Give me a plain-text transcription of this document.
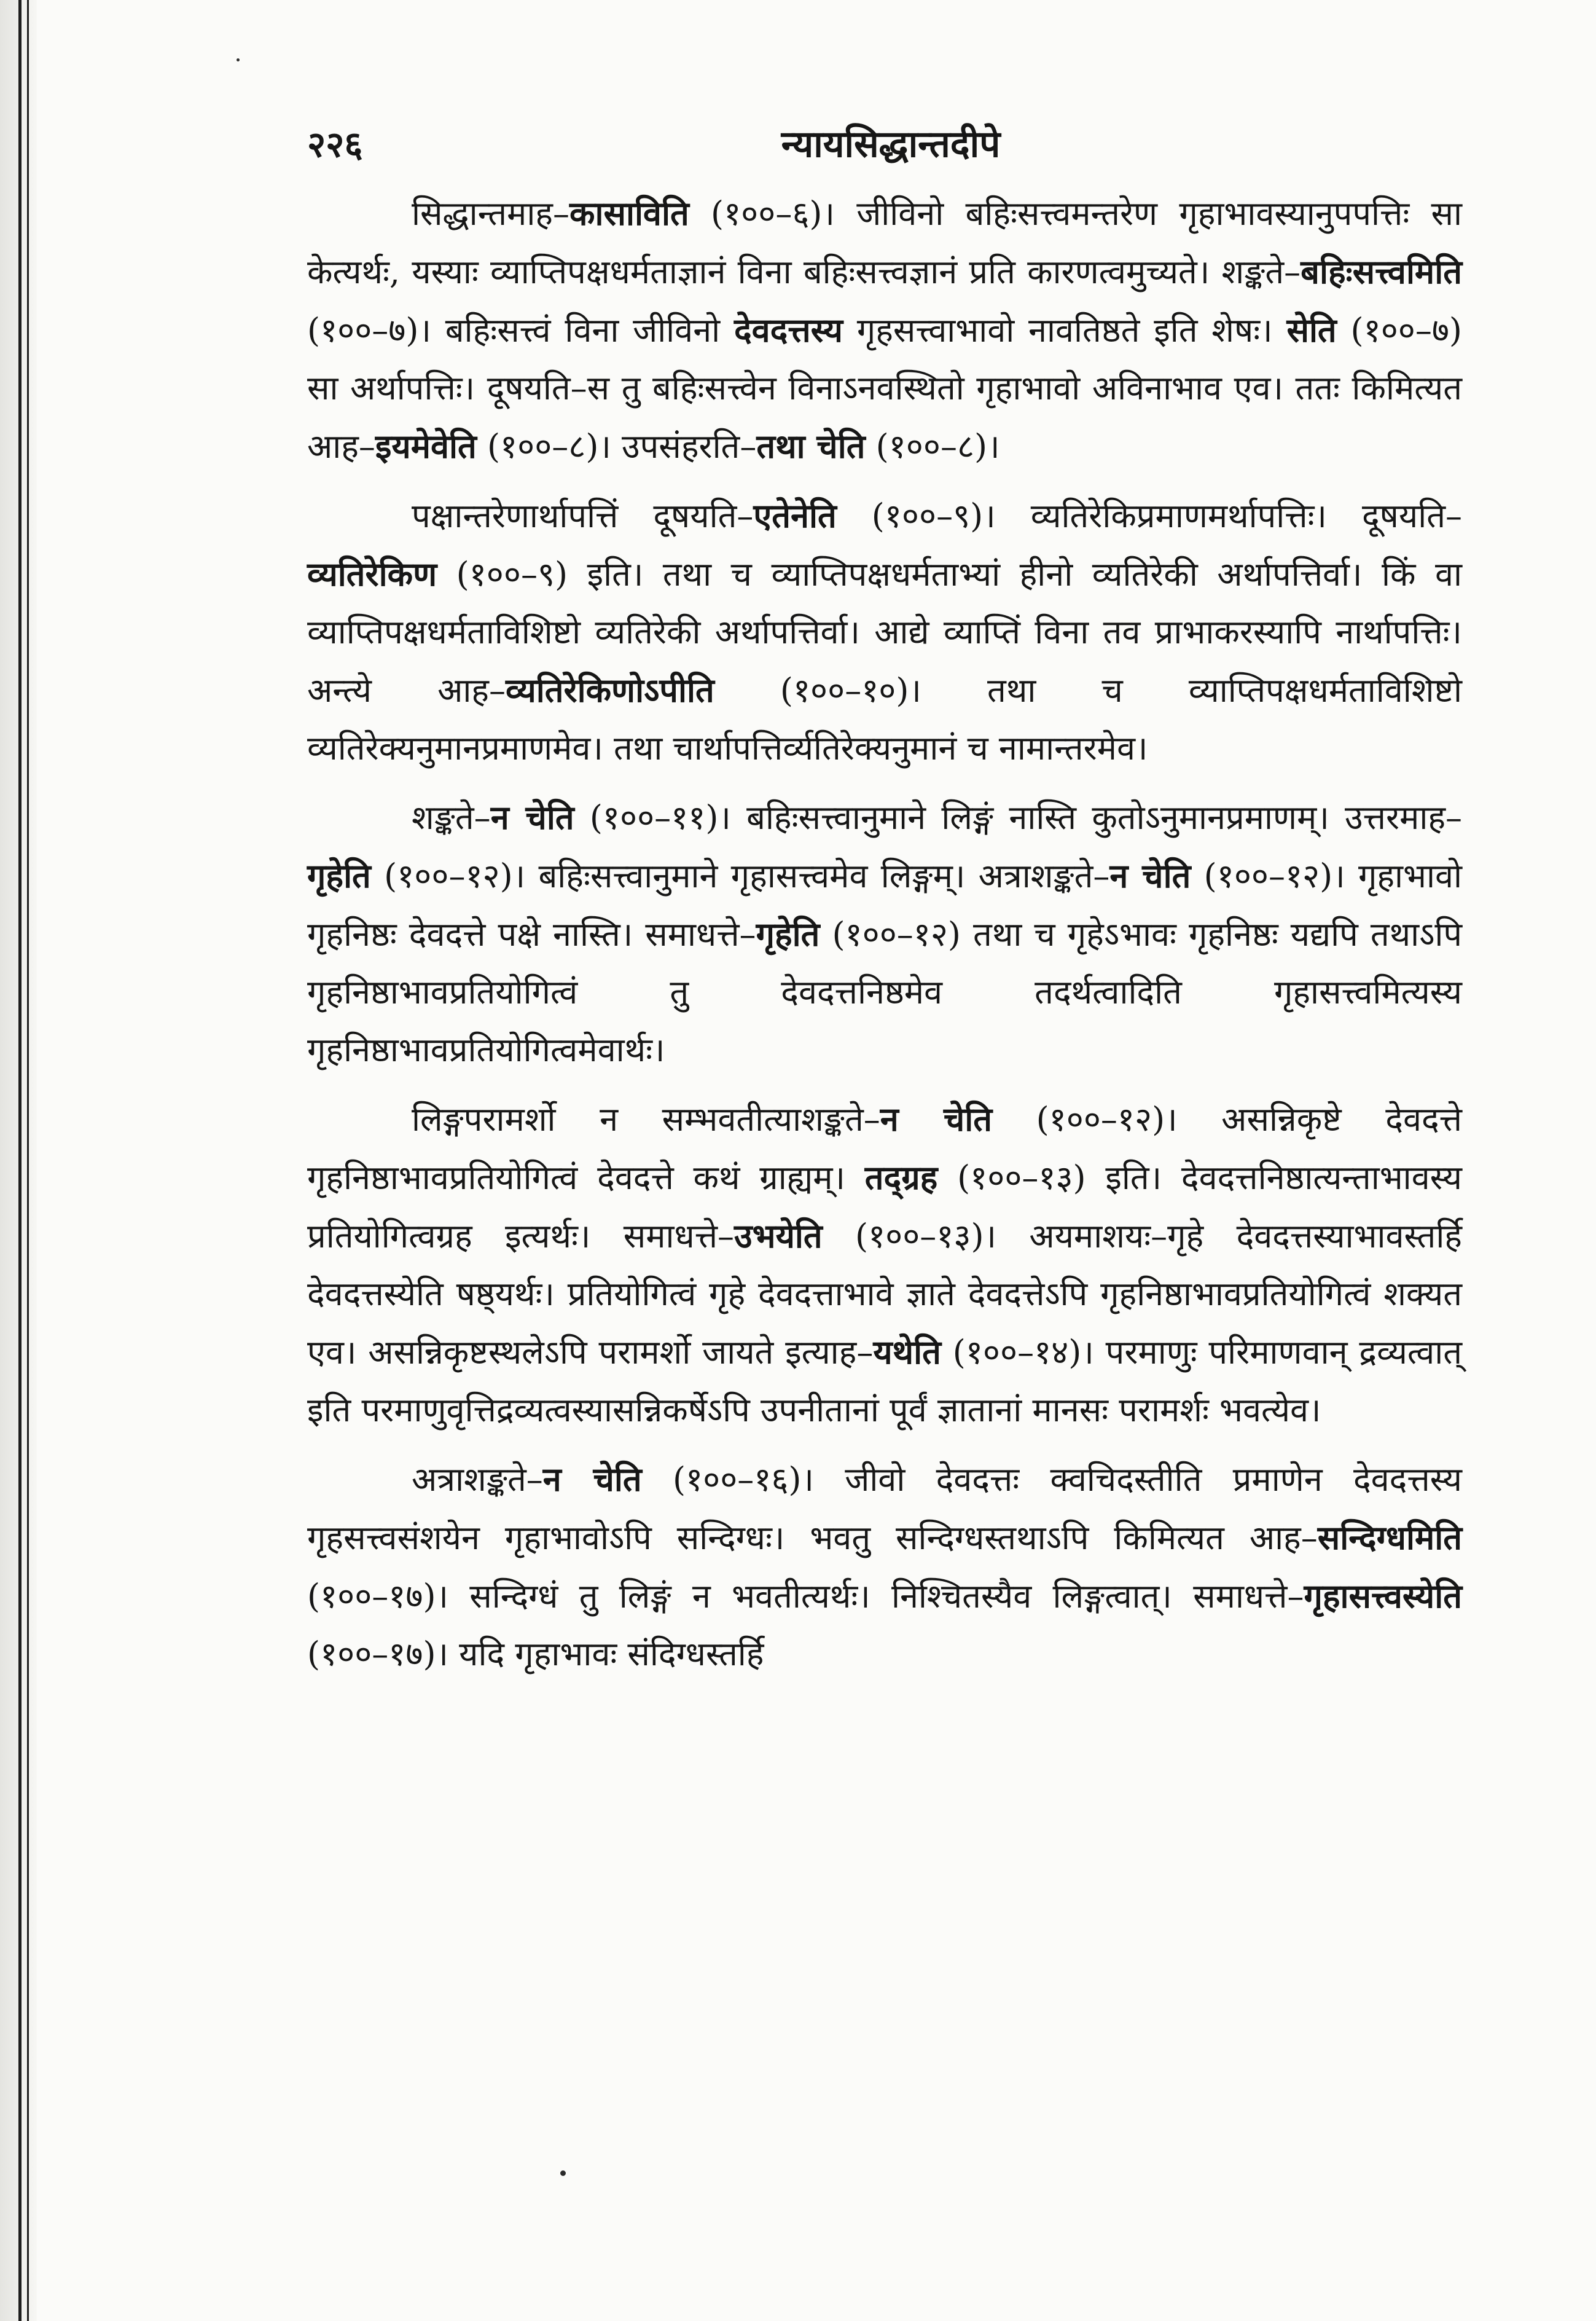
२२६	न्यायसिद्धान्तदीपे

सिद्धान्तमाह–कासाविति (१००–६)। जीविनो बहिःसत्त्वमन्तरेण गृहाभावस्यानुपपत्तिः सा केत्यर्थः, यस्याः व्याप्तिपक्षधर्मताज्ञानं विना बहिःसत्त्वज्ञानं प्रति कारणत्वमुच्यते। शङ्कते–बहिःसत्त्वमिति (१००–७)। बहिःसत्त्वं विना जीविनो देवदत्तस्य गृहसत्त्वाभावो नावतिष्ठते इति शेषः। सेति (१००–७) सा अर्थापत्तिः। दूषयति–स तु बहिःसत्त्वेन विनाऽनवस्थितो गृहाभावो अविनाभाव एव। ततः किमित्यत आह–इयमेवेति (१००–८)। उपसंहरति–तथा चेति (१००–८)।

पक्षान्तरेणार्थापत्तिं दूषयति–एतेनेति (१००–९)। व्यतिरेकिप्रमाणमर्थापत्तिः। दूषयति–व्यतिरेकिण (१००–९) इति। तथा च व्याप्तिपक्षधर्मताभ्यां हीनो व्यतिरेकी अर्थापत्तिर्वा। किं वा व्याप्तिपक्षधर्मताविशिष्टो व्यतिरेकी अर्थापत्तिर्वा। आद्ये व्याप्तिं विना तव प्राभाकरस्यापि नार्थापत्तिः। अन्त्ये आह–व्यतिरेकिणोऽपीति (१००–१०)। तथा च व्याप्तिपक्षधर्मताविशिष्टो व्यतिरेक्यनुमानप्रमाणमेव। तथा चार्थापत्तिर्व्यतिरेक्यनुमानं च नामान्तरमेव।

शङ्कते–न चेति (१००–११)। बहिःसत्त्वानुमाने लिङ्गं नास्ति कुतोऽनुमानप्रमाणम्। उत्तरमाह–गृहेति (१००–१२)। बहिःसत्त्वानुमाने गृहासत्त्वमेव लिङ्गम्। अत्राशङ्कते–न चेति (१००–१२)। गृहाभावो गृहनिष्ठः देवदत्ते पक्षे नास्ति। समाधत्ते–गृहेति (१००–१२) तथा च गृहेऽभावः गृहनिष्ठः यद्यपि तथाऽपि गृहनिष्ठाभावप्रतियोगित्वं तु देवदत्तनिष्ठमेव तदर्थत्वादिति गृहासत्त्वमित्यस्य गृहनिष्ठाभावप्रतियोगित्वमेवार्थः।

लिङ्गपरामर्शो न सम्भवतीत्याशङ्कते–न चेति (१००–१२)। असन्निकृष्टे देवदत्ते गृहनिष्ठाभावप्रतियोगित्वं देवदत्ते कथं ग्राह्यम्। तद्ग्रह (१००–१३) इति। देवदत्तनिष्ठात्यन्ताभावस्य प्रतियोगित्वग्रह इत्यर्थः। समाधत्ते–उभयेति (१००–१३)। अयमाशयः–गृहे देवदत्तस्याभावस्तर्हि देवदत्तस्येति षष्ठ्यर्थः। प्रतियोगित्वं गृहे देवदत्ताभावे ज्ञाते देवदत्तेऽपि गृहनिष्ठाभावप्रतियोगित्वं शक्यत एव। असन्निकृष्टस्थलेऽपि परामर्शो जायते इत्याह–यथेति (१००–१४)। परमाणुः परिमाणवान् द्रव्यत्वात् इति परमाणुवृत्तिद्रव्यत्वस्यासन्निकर्षेऽपि उपनीतानां पूर्वं ज्ञातानां मानसः परामर्शः भवत्येव।

अत्राशङ्कते–न चेति (१००–१६)। जीवो देवदत्तः क्वचिदस्तीति प्रमाणेन देवदत्तस्य गृहसत्त्वसंशयेन गृहाभावोऽपि सन्दिग्धः। भवतु सन्दिग्धस्तथाऽपि किमित्यत आह–सन्दिग्धमिति (१००–१७)। सन्दिग्धं तु लिङ्गं न भवतीत्यर्थः। निश्चितस्यैव लिङ्गत्वात्। समाधत्ते–गृहासत्त्वस्येति (१००–१७)। यदि गृहाभावः संदिग्धस्तर्हि
